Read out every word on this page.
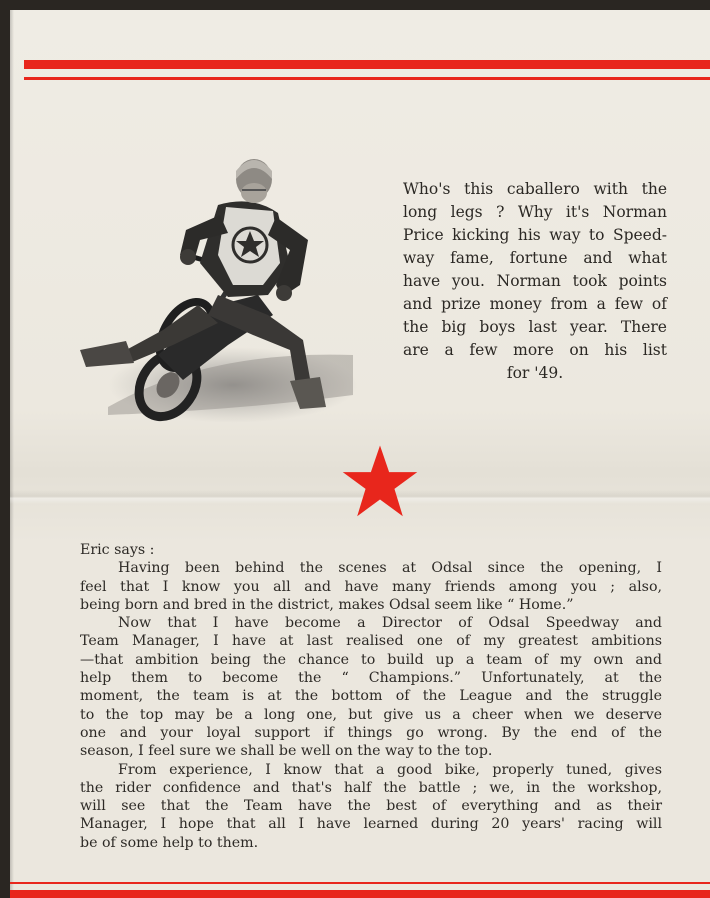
Who's this caballero with the
long legs ? Why it's Norman
Price kicking his way to Speed-
way fame, fortune and what
have you. Norman took points
and prize money from a few of
the big boys last year. There
are a few more on his list
for '49.
Eric says :
Having been behind the scenes at Odsal since the opening, I
feel that I know you all and have many friends among you ; also,
being born and bred in the district, makes Odsal seem like “ Home.”
Now that I have become a Director of Odsal Speedway and
Team Manager, I have at last realised one of my greatest ambitions
—that ambition being the chance to build up a team of my own and
help them to become the “ Champions.” Unfortunately, at the
moment, the team is at the bottom of the League and the struggle
to the top may be a long one, but give us a cheer when we deserve
one and your loyal support if things go wrong. By the end of the
season, I feel sure we shall be well on the way to the top.
From experience, I know that a good bike, properly tuned, gives
the rider confidence and that's half the battle ; we, in the workshop,
will see that the Team have the best of everything and as their
Manager, I hope that all I have learned during 20 years' racing will
be of some help to them.
